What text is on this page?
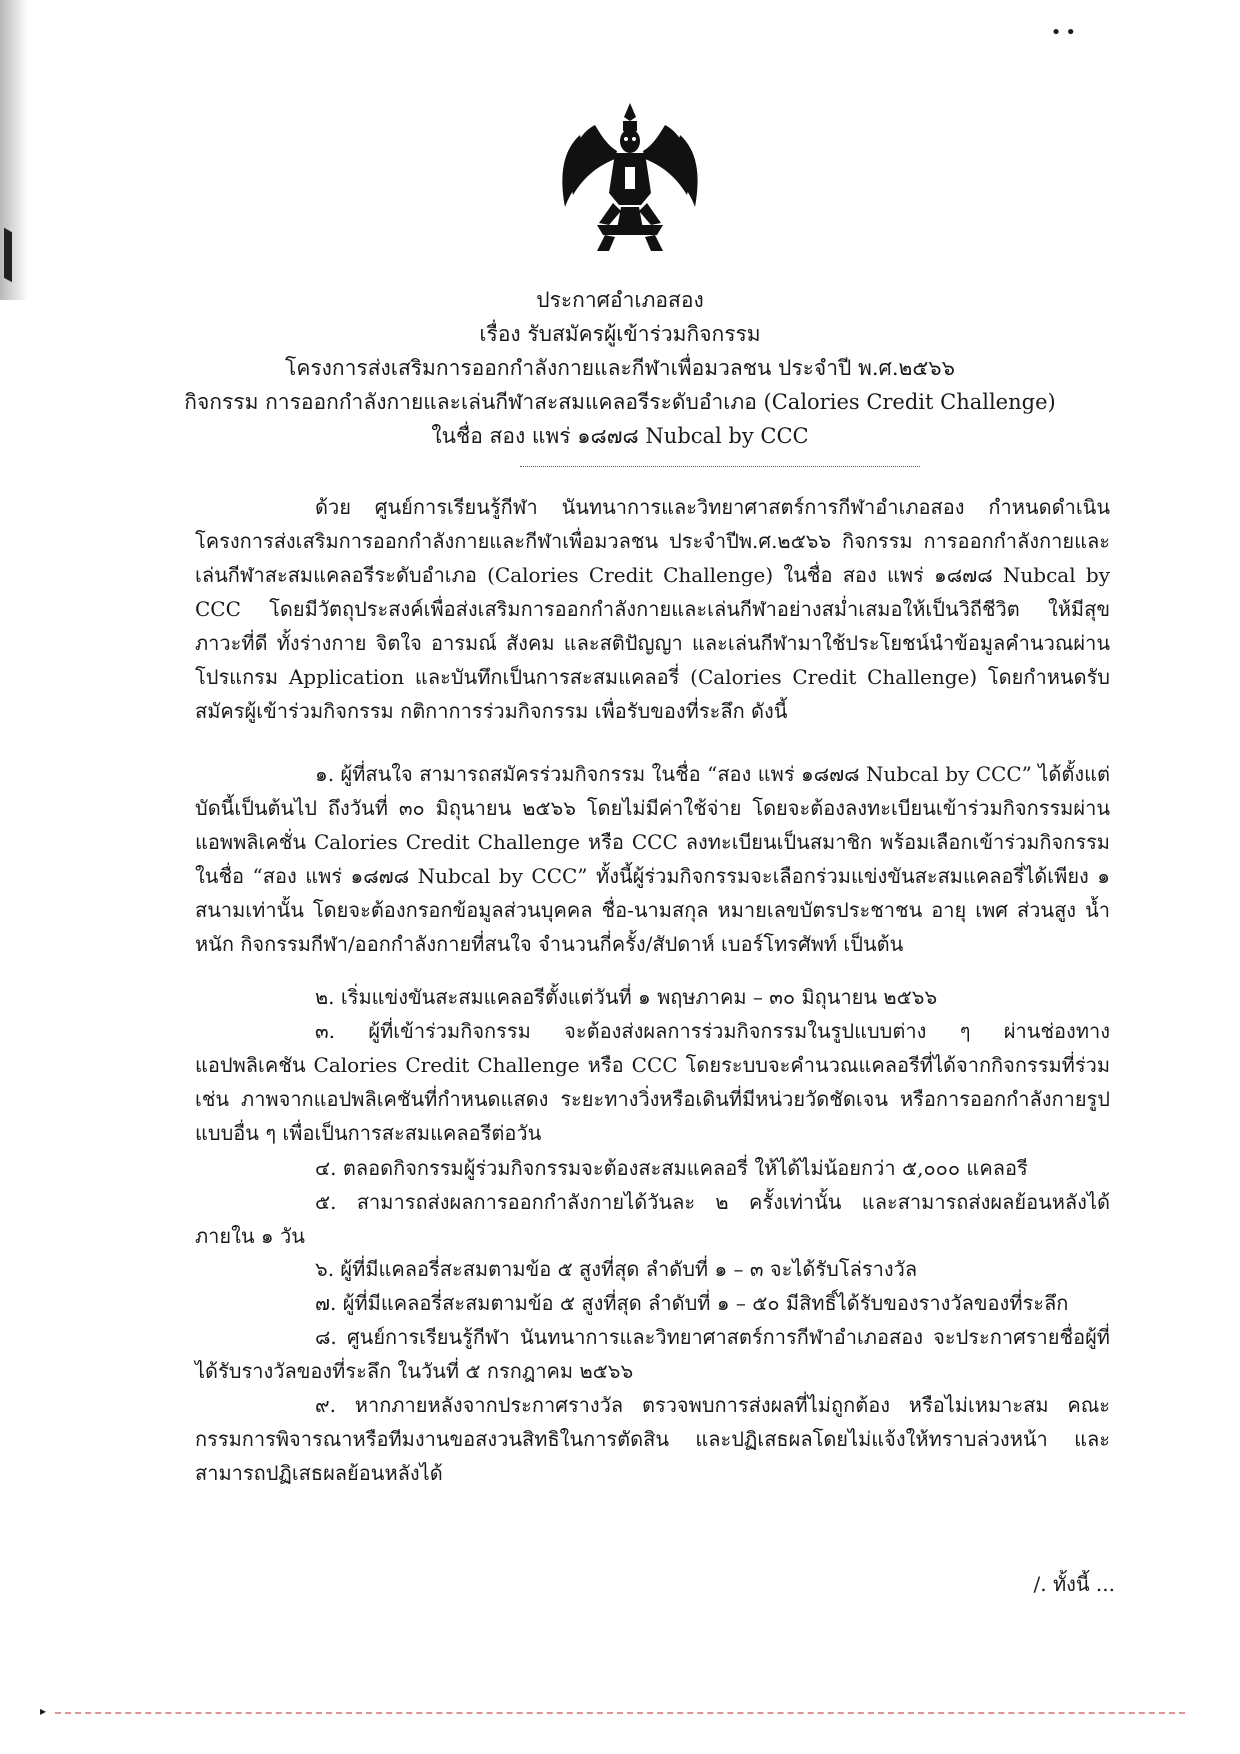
••
ประกาศอำเภอสอง
เรื่อง รับสมัครผู้เข้าร่วมกิจกรรม
โครงการส่งเสริมการออกกำลังกายและกีฬาเพื่อมวลชน ประจำปี พ.ศ.๒๕๖๖
กิจกรรม การออกกำลังกายและเล่นกีฬาสะสมแคลอรีระดับอำเภอ (Calories Credit Challenge)
ในชื่อ สอง แพร่ ๑๘๗๘ Nubcal by CCC
ด้วย ศูนย์การเรียนรู้กีฬา นันทนาการและวิทยาศาสตร์การกีฬาอำเภอสอง กำหนดดำเนินโครงการส่งเสริมการออกกำลังกายและกีฬาเพื่อมวลชน ประจำปีพ.ศ.๒๕๖๖ กิจกรรม การออกกำลังกายและเล่นกีฬาสะสมแคลอรีระดับอำเภอ (Calories Credit Challenge) ในชื่อ สอง แพร่ ๑๘๗๘ Nubcal by CCC โดยมีวัตถุประสงค์เพื่อส่งเสริมการออกกำลังกายและเล่นกีฬาอย่างสม่ำเสมอให้เป็นวิถีชีวิต ให้มีสุขภาวะที่ดี ทั้งร่างกาย จิตใจ อารมณ์ สังคม และสติปัญญา และเล่นกีฬามาใช้ประโยชน์นำข้อมูลคำนวณผ่านโปรแกรม Application และบันทึกเป็นการสะสมแคลอรี่ (Calories Credit Challenge) โดยกำหนดรับสมัครผู้เข้าร่วมกิจกรรม กติกาการร่วมกิจกรรม เพื่อรับของที่ระลึก ดังนี้
๑. ผู้ที่สนใจ สามารถสมัครร่วมกิจกรรม ในชื่อ “สอง แพร่ ๑๘๗๘ Nubcal by CCC” ได้ตั้งแต่บัดนี้เป็นต้นไป ถึงวันที่ ๓๐ มิถุนายน ๒๕๖๖ โดยไม่มีค่าใช้จ่าย โดยจะต้องลงทะเบียนเข้าร่วมกิจกรรมผ่าน แอพพลิเคชั่น Calories Credit Challenge หรือ CCC ลงทะเบียนเป็นสมาชิก พร้อมเลือกเข้าร่วมกิจกรรม ในชื่อ “สอง แพร่ ๑๘๗๘ Nubcal by CCC” ทั้งนี้ผู้ร่วมกิจกรรมจะเลือกร่วมแข่งขันสะสมแคลอรี่ได้เพียง ๑ สนามเท่านั้น โดยจะต้องกรอกข้อมูลส่วนบุคคล ชื่อ-นามสกุล หมายเลขบัตรประชาชน อายุ เพศ ส่วนสูง น้ำหนัก กิจกรรมกีฬา/ออกกำลังกายที่สนใจ จำนวนกี่ครั้ง/สัปดาห์ เบอร์โทรศัพท์ เป็นต้น
๒. เริ่มแข่งขันสะสมแคลอรีตั้งแต่วันที่ ๑ พฤษภาคม – ๓๐ มิถุนายน ๒๕๖๖
๓. ผู้ที่เข้าร่วมกิจกรรม จะต้องส่งผลการร่วมกิจกรรมในรูปแบบต่าง ๆ ผ่านช่องทาง แอปพลิเคชัน Calories Credit Challenge หรือ CCC โดยระบบจะคำนวณแคลอรีที่ได้จากกิจกรรมที่ร่วม เช่น ภาพจากแอปพลิเคชันที่กำหนดแสดง ระยะทางวิ่งหรือเดินที่มีหน่วยวัดชัดเจน หรือการออกกำลังกายรูปแบบอื่น ๆ เพื่อเป็นการสะสมแคลอรีต่อวัน
๔. ตลอดกิจกรรมผู้ร่วมกิจกรรมจะต้องสะสมแคลอรี่ ให้ได้ไม่น้อยกว่า ๕,๐๐๐ แคลอรี
๕. สามารถส่งผลการออกกำลังกายได้วันละ ๒ ครั้งเท่านั้น และสามารถส่งผลย้อนหลังได้ภายใน ๑ วัน
๖. ผู้ที่มีแคลอรี่สะสมตามข้อ ๕ สูงที่สุด ลำดับที่ ๑ – ๓ จะได้รับโล่รางวัล
๗. ผู้ที่มีแคลอรี่สะสมตามข้อ ๕ สูงที่สุด ลำดับที่ ๑ – ๕๐ มีสิทธิ์ได้รับของรางวัลของที่ระลึก
๘. ศูนย์การเรียนรู้กีฬา นันทนาการและวิทยาศาสตร์การกีฬาอำเภอสอง จะประกาศรายชื่อผู้ที่ได้รับรางวัลของที่ระลึก ในวันที่ ๕ กรกฎาคม ๒๕๖๖
๙. หากภายหลังจากประกาศรางวัล ตรวจพบการส่งผลที่ไม่ถูกต้อง หรือไม่เหมาะสม คณะกรรมการพิจารณาหรือทีมงานขอสงวนสิทธิในการตัดสิน และปฏิเสธผลโดยไม่แจ้งให้ทราบล่วงหน้า และสามารถปฏิเสธผลย้อนหลังได้
/. ทั้งนี้ ...
▸
